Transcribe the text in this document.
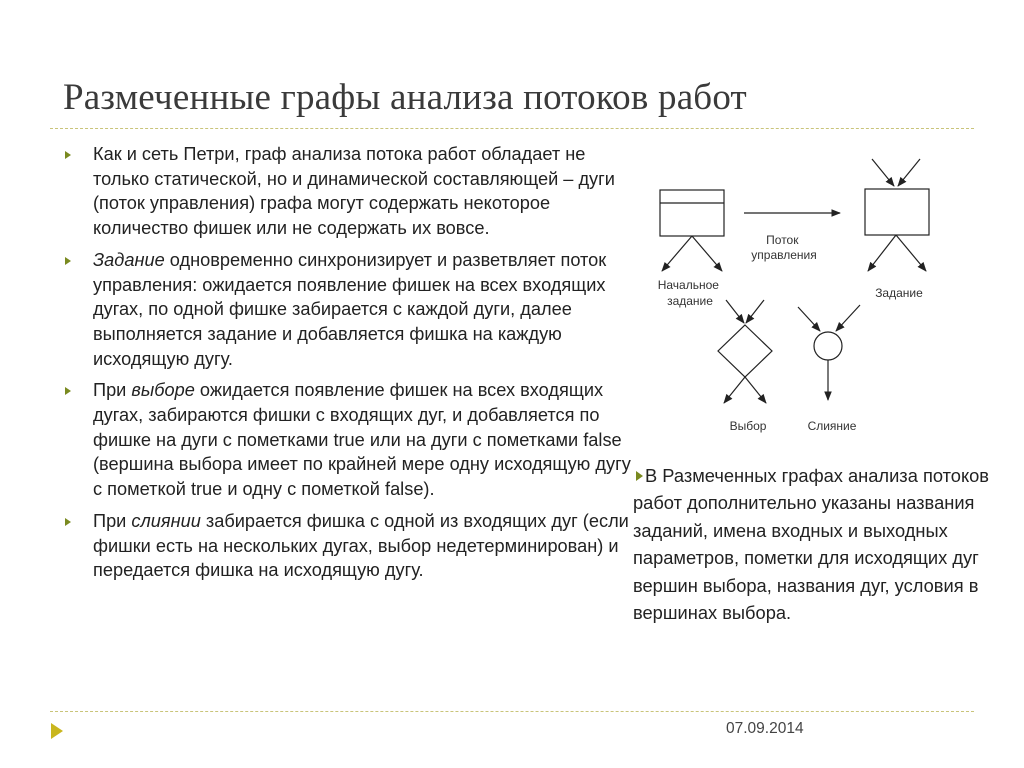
Размеченные графы анализа потоков работ
Как и сеть Петри, граф анализа потока работ обладает не только статической, но и динамической составляющей – дуги (поток управления) графа могут содержать некоторое количество фишек или не содержать их вовсе.
Задание одновременно синхронизирует и разветвляет поток управления: ожидается появление фишек на всех входящих дугах, по одной фишке забирается с каждой дуги, далее выполняется задание и добавляется фишка на каждую исходящую дугу.
При выборе ожидается появление фишек на всех входящих дугах, забираются фишки с входящих дуг, и добавляется по фишке на дуги с пометками true или на дуги с пометками false (вершина выбора имеет по крайней мере одну исходящую дугу с пометкой true и одну с пометкой false).
При слиянии забирается фишка с одной из входящих дуг (если фишки есть на нескольких дугах, выбор недетерминирован) и передается фишка на исходящую дугу.
Начальное задание
Поток управления
Задание
Выбор	Слияние
В Размеченных графах анализа потоков работ дополнительно указаны названия заданий, имена входных и выходных параметров, пометки для исходящих дуг вершин выбора, названия дуг, условия в вершинах выбора.
07.09.2014
